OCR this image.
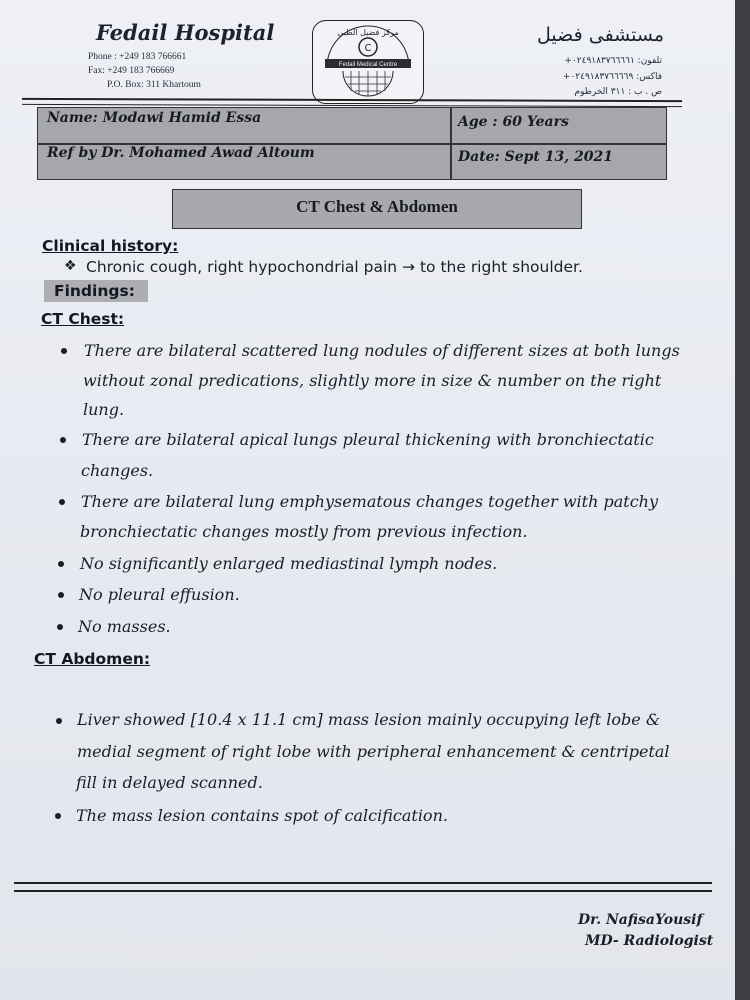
Fedail Hospital
Phone : +249 183 766661
Fax: +249 183 766669
P.O. Box: 311 Khartoum
مستشفى فضيل
تلفون: ٠٢٤٩١٨٣٧٦٦٦٦١+
فاكس: ٠٢٤٩١٨٣٧٦٦٦٦٩+
ص . ب : ٣١١ الخرطوم
مركز فضيل الطبي
C
Fedail Medical Centre
Name: Modawi Hamid Essa	Age : 60 Years
Ref by Dr. Mohamed Awad Altoum	Date: Sept 13, 2021
CT Chest & Abdomen
Clinical history:
❖ Chronic cough, right hypochondrial pain → to the right shoulder.
Findings:
CT Chest:
There are bilateral scattered lung nodules of different sizes at both lungs
without zonal predications, slightly more in size & number on the right
lung.
There are bilateral apical lungs pleural thickening with bronchiectatic
changes.
There are bilateral lung emphysematous changes together with patchy
bronchiectatic changes mostly from previous infection.
No significantly enlarged mediastinal lymph nodes.
No pleural effusion.
No masses.
CT Abdomen:
Liver showed [10.4 x 11.1 cm] mass lesion mainly occupying left lobe &
medial segment of right lobe with peripheral enhancement & centripetal
fill in delayed scanned.
The mass lesion contains spot of calcification.
Dr. NafisaYousif
MD- Radiologist
